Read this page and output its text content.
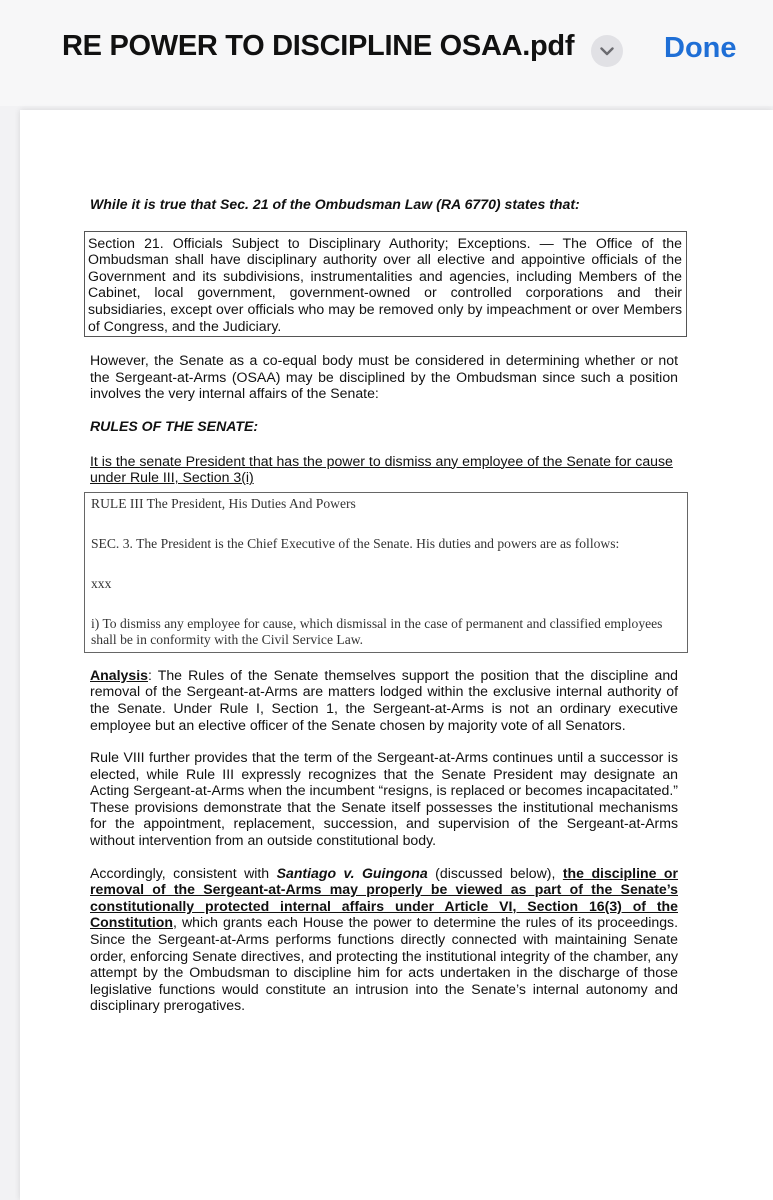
RE POWER TO DISCIPLINE OSAA.pdf	Done

While it is true that Sec. 21 of the Ombudsman Law (RA 6770) states that:

Section 21. Officials Subject to Disciplinary Authority; Exceptions. — The Office of the Ombudsman shall have disciplinary authority over all elective and appointive officials of the Government and its subdivisions, instrumentalities and agencies, including Members of the Cabinet, local government, government-owned or controlled corporations and their subsidiaries, except over officials who may be removed only by impeachment or over Members of Congress, and the Judiciary.

However, the Senate as a co-equal body must be considered in determining whether or not the Sergeant-at-Arms (OSAA) may be disciplined by the Ombudsman since such a position involves the very internal affairs of the Senate:

RULES OF THE SENATE:

It is the senate President that has the power to dismiss any employee of the Senate for cause under Rule III, Section 3(i)

RULE III The President, His Duties And Powers

SEC. 3. The President is the Chief Executive of the Senate. His duties and powers are as follows:

xxx

i) To dismiss any employee for cause, which dismissal in the case of permanent and classified employees shall be in conformity with the Civil Service Law.

Analysis: The Rules of the Senate themselves support the position that the discipline and removal of the Sergeant-at-Arms are matters lodged within the exclusive internal authority of the Senate. Under Rule I, Section 1, the Sergeant-at-Arms is not an ordinary executive employee but an elective officer of the Senate chosen by majority vote of all Senators.

Rule VIII further provides that the term of the Sergeant-at-Arms continues until a successor is elected, while Rule III expressly recognizes that the Senate President may designate an Acting Sergeant-at-Arms when the incumbent “resigns, is replaced or becomes incapacitated.” These provisions demonstrate that the Senate itself possesses the institutional mechanisms for the appointment, replacement, succession, and supervision of the Sergeant-at-Arms without intervention from an outside constitutional body.

Accordingly, consistent with Santiago v. Guingona (discussed below), the discipline or removal of the Sergeant-at-Arms may properly be viewed as part of the Senate’s constitutionally protected internal affairs under Article VI, Section 16(3) of the Constitution, which grants each House the power to determine the rules of its proceedings. Since the Sergeant-at-Arms performs functions directly connected with maintaining Senate order, enforcing Senate directives, and protecting the institutional integrity of the chamber, any attempt by the Ombudsman to discipline him for acts undertaken in the discharge of those legislative functions would constitute an intrusion into the Senate’s internal autonomy and disciplinary prerogatives.
